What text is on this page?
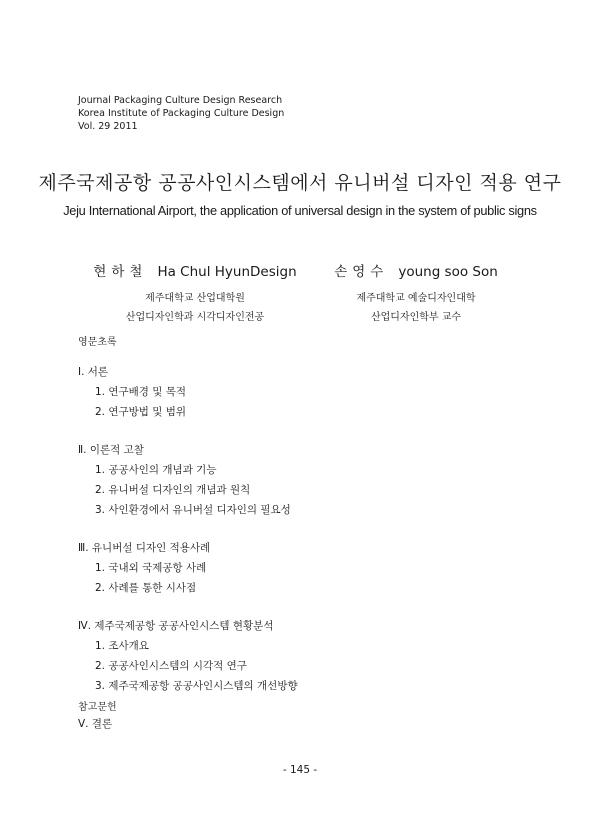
Journal Packaging Culture Design Research
Korea Institute of Packaging Culture Design
Vol. 29 2011
제주국제공항 공공사인시스템에서 유니버설 디자인 적용 연구
Jeju International Airport, the application of universal design in the system of public signs
현하철 Ha Chul HyunDesign
제주대학교 산업대학원
산업디자인학과 시각디자인전공
손영수 young soo Son
제주대학교 예술디자인대학
산업디자인학부 교수
영문초록
Ⅰ. 서론
1. 연구배경 및 목적
2. 연구방법 및 범위
Ⅱ. 이론적 고찰
1. 공공사인의 개념과 기능
2. 유니버설 디자인의 개념과 원칙
3. 사인환경에서 유니버설 디자인의 필요성
Ⅲ. 유니버설 디자인 적용사례
1. 국내외 국제공항 사례
2. 사례를 통한 시사점
Ⅳ. 제주국제공항 공공사인시스템 현황분석
1. 조사개요
2. 공공사인시스템의 시각적 연구
3. 제주국제공항 공공사인시스템의 개선방향
Ⅴ. 결론
참고문헌
- 145 -
